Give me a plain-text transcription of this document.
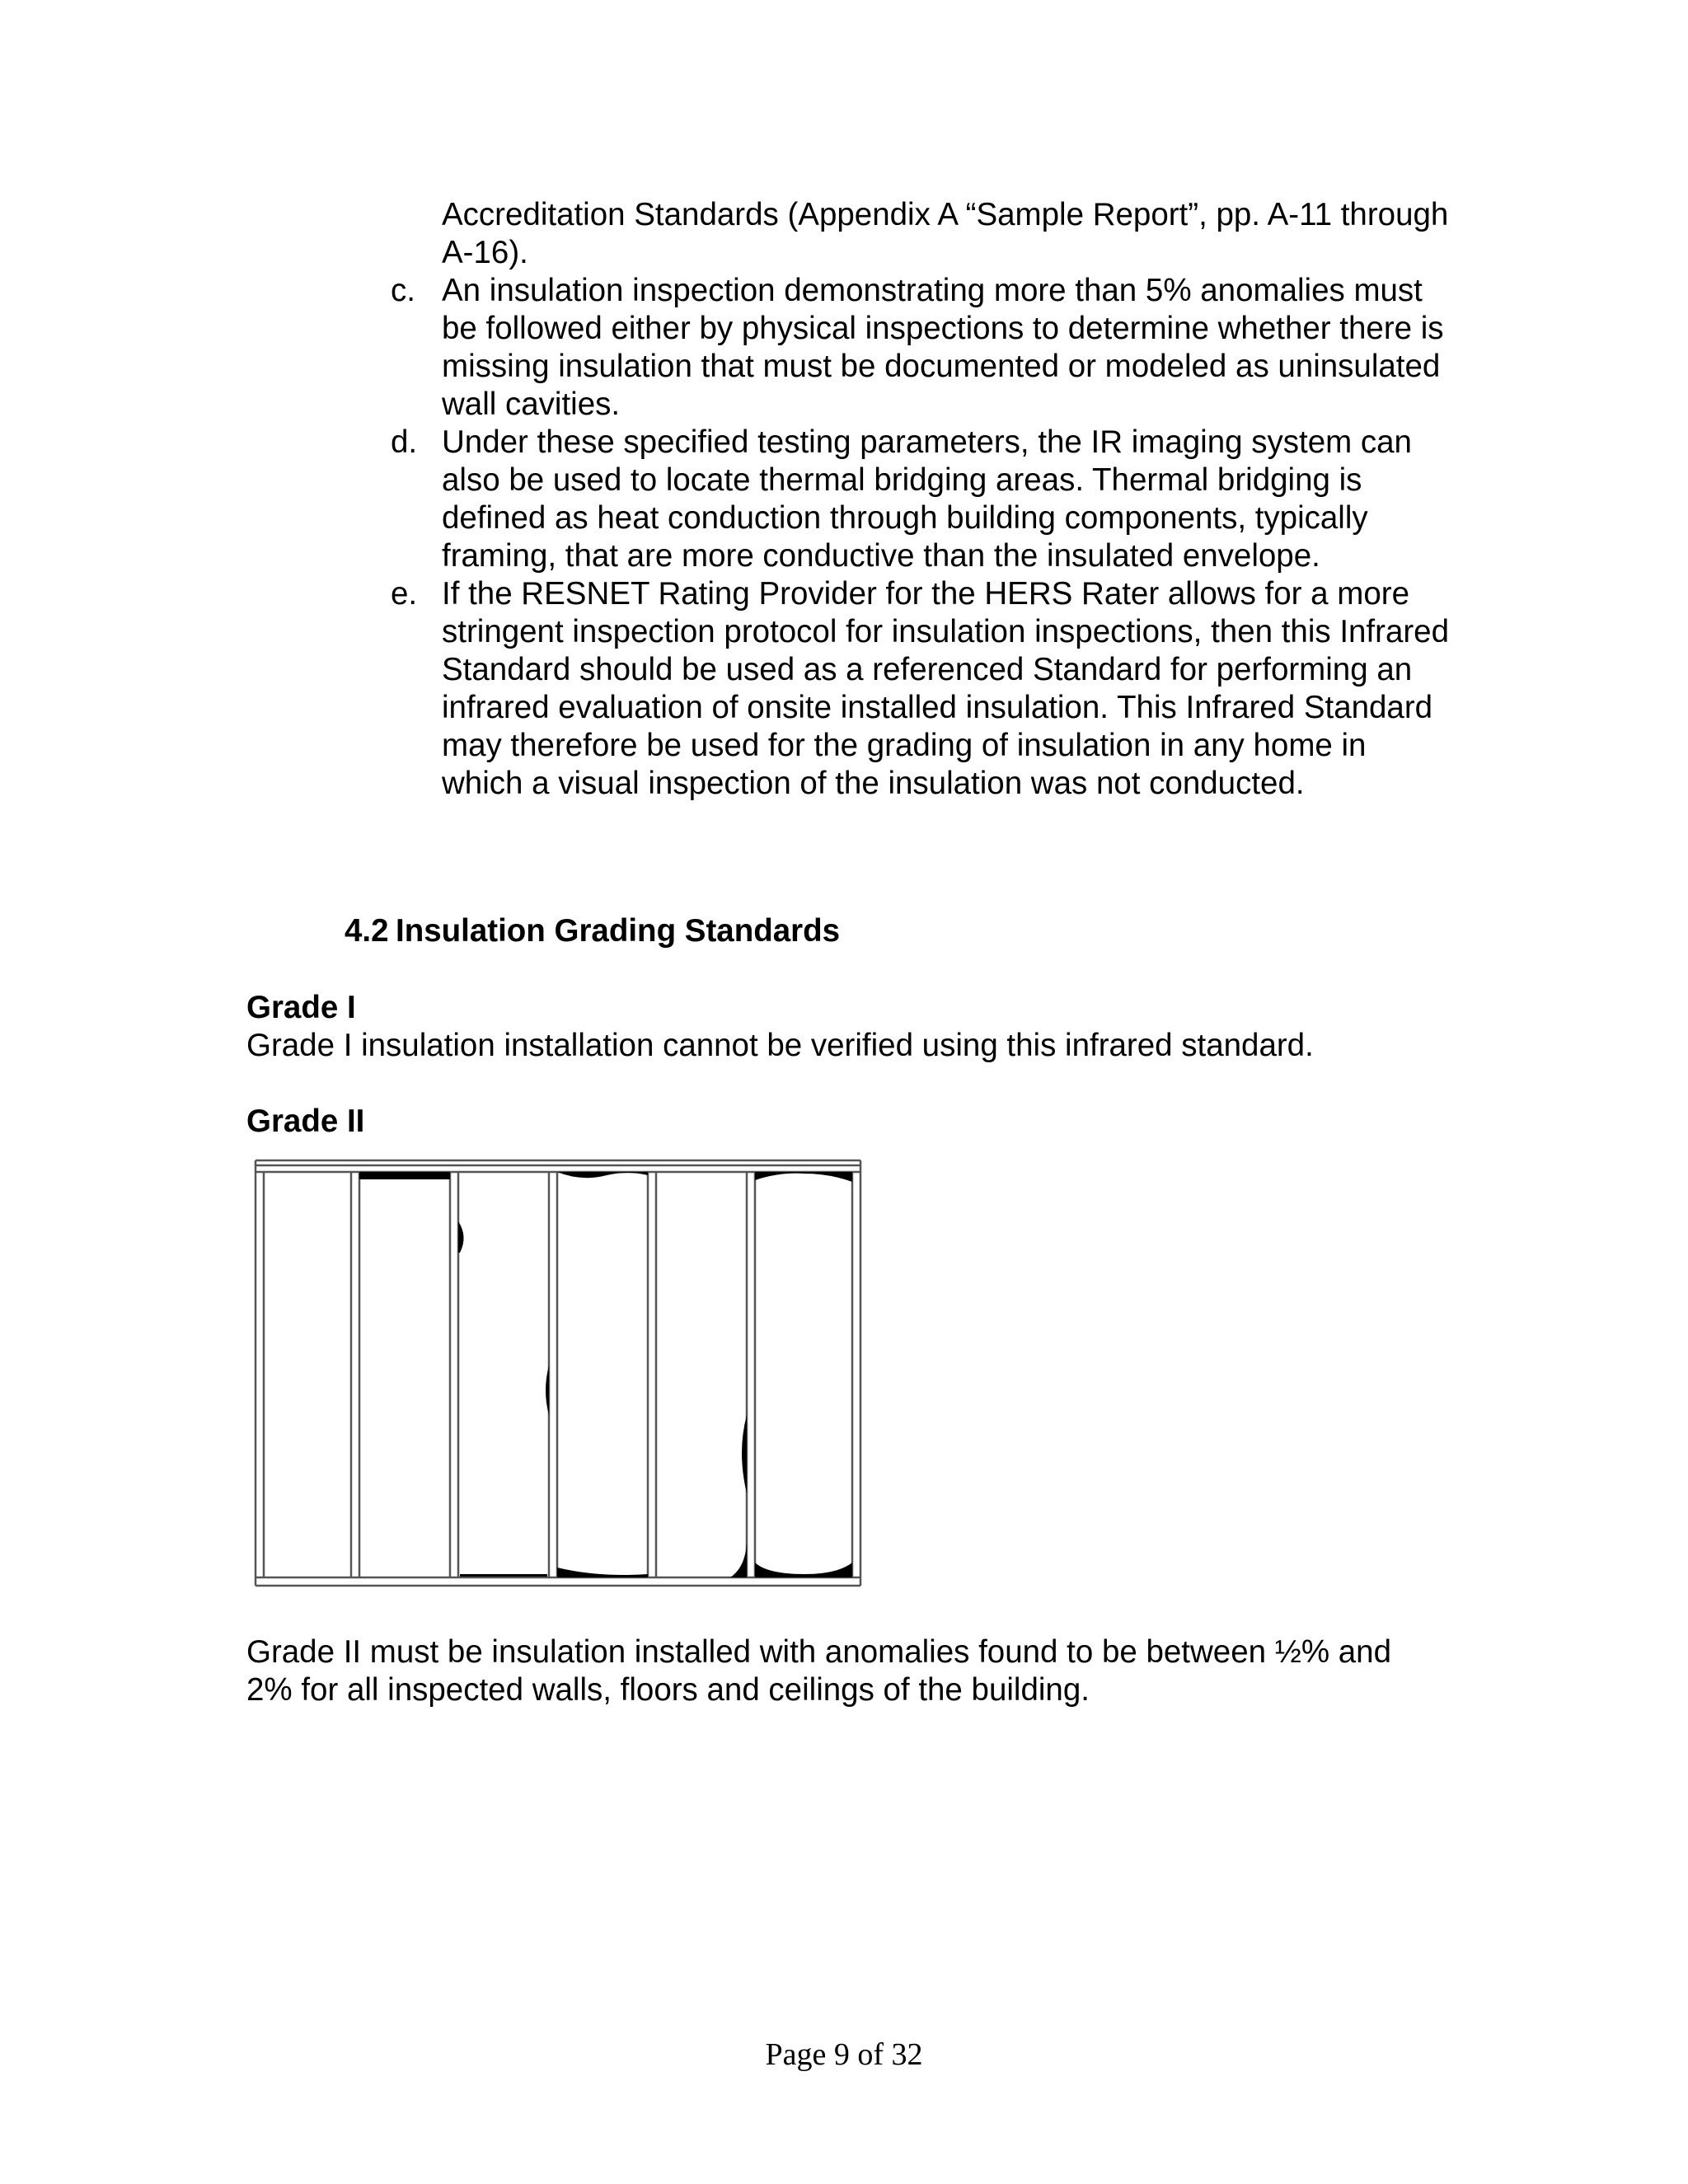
Accreditation Standards (Appendix A “Sample Report”, pp. A-11 through A-16).
c. An insulation inspection demonstrating more than 5% anomalies must be followed either by physical inspections to determine whether there is missing insulation that must be documented or modeled as uninsulated wall cavities.
d. Under these specified testing parameters, the IR imaging system can also be used to locate thermal bridging areas. Thermal bridging is defined as heat conduction through building components, typically framing, that are more conductive than the insulated envelope.
e. If the RESNET Rating Provider for the HERS Rater allows for a more stringent inspection protocol for insulation inspections, then this Infrared Standard should be used as a referenced Standard for performing an infrared evaluation of onsite installed insulation. This Infrared Standard may therefore be used for the grading of insulation in any home in which a visual inspection of the insulation was not conducted.
4.2 Insulation Grading Standards
Grade I
Grade I insulation installation cannot be verified using this infrared standard.
Grade II
Grade II must be insulation installed with anomalies found to be between ½% and 2% for all inspected walls, floors and ceilings of the building.
Page 9 of 32
